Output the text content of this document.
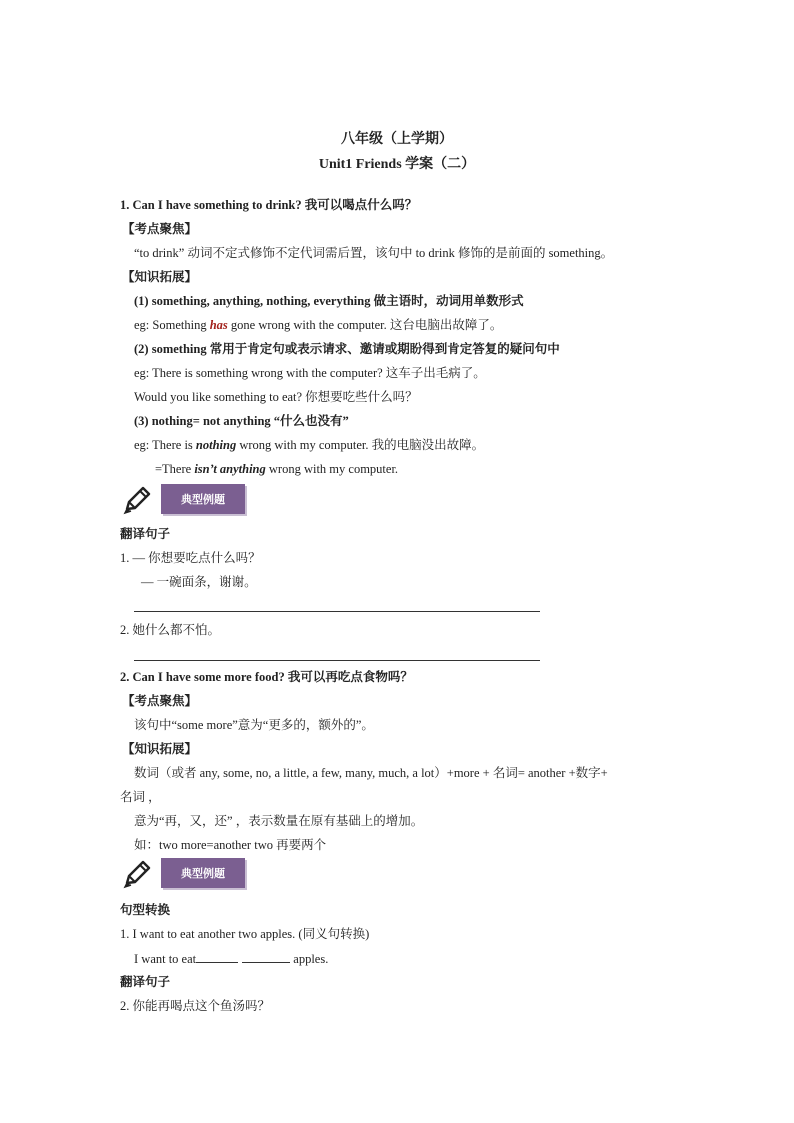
八年级（上学期）
Unit1 Friends 学案（二）
1. Can I have something to drink? 我可以喝点什么吗？
【考点聚焦】
“to drink” 动词不定式修饰不定代词需后置，该句中 to drink 修饰的是前面的 something。
【知识拓展】
(1) something, anything, nothing, everything 做主语时，动词用单数形式
eg: Something has gone wrong with the computer. 这台电脑出故障了。
(2) something 常用于肯定句或表示请求、邀请或期盼得到肯定答复的疑问句中
eg: There is something wrong with the computer? 这车子出毛病了。
Would you like something to eat? 你想要吃些什么吗？
(3) nothing= not anything “什么也没有”
eg: There is nothing wrong with my computer. 我的电脑没出故障。
=There isn’t anything wrong with my computer.
典型例题
翻译句子
1. — 你想要吃点什么吗？
— 一碗面条，谢谢。
2. 她什么都不怕。
2. Can I have some more food? 我可以再吃点食物吗？
【考点聚焦】
该句中“some more”意为“更多的，额外的”。
【知识拓展】
数词（或者 any, some, no, a little, a few, many, much, a lot）+more + 名词= another +数字+
名词 ，
意为“再，又，还” ，表示数量在原有基础上的增加。
如：two more=another two 再要两个
典型例题
句型转换
1. I want to eat another two apples. (同义句转换)
I want to eat	apples.
翻译句子
2. 你能再喝点这个鱼汤吗？
